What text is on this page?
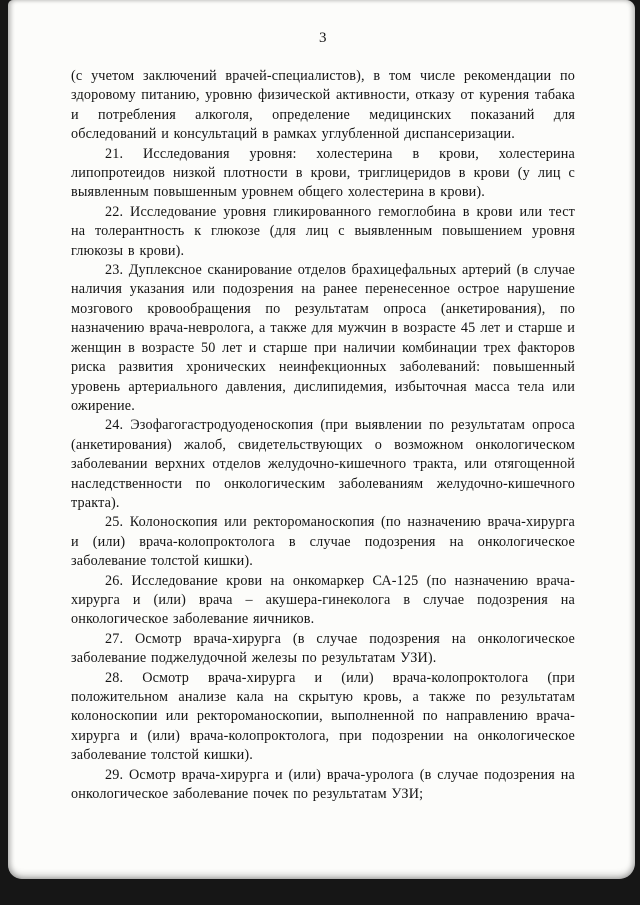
3

(с учетом заключений врачей-специалистов), в том числе рекомендации по здоровому питанию, уровню физической активности, отказу от курения табака и потребления алкоголя, определение медицинских показаний для обследований и консультаций в рамках углубленной диспансеризации.

21. Исследования уровня: холестерина в крови, холестерина липопротеидов низкой плотности в крови, триглицеридов в крови (у лиц с выявленным повышенным уровнем общего холестерина в крови).

22. Исследование уровня гликированного гемоглобина в крови или тест на толерантность к глюкозе (для лиц с выявленным повышением уровня глюкозы в крови).

23. Дуплексное сканирование отделов брахицефальных артерий (в случае наличия указания или подозрения на ранее перенесенное острое нарушение мозгового кровообращения по результатам опроса (анкетирования), по назначению врача-невролога, а также для мужчин в возрасте 45 лет и старше и женщин в возрасте 50 лет и старше при наличии комбинации трех факторов риска развития хронических неинфекционных заболеваний: повышенный уровень артериального давления, дислипидемия, избыточная масса тела или ожирение.

24. Эзофагогастродуоденоскопия (при выявлении по результатам опроса (анкетирования) жалоб, свидетельствующих о возможном онкологическом заболевании верхних отделов желудочно-кишечного тракта, или отягощенной наследственности по онкологическим заболеваниям желудочно-кишечного тракта).

25. Колоноскопия или ректороманоскопия (по назначению врача-хирурга и (или) врача-колопроктолога в случае подозрения на онкологическое заболевание толстой кишки).

26. Исследование крови на онкомаркер СА-125 (по назначению врача-хирурга и (или) врача – акушера-гинеколога в случае подозрения на онкологическое заболевание яичников.

27. Осмотр врача-хирурга (в случае подозрения на онкологическое заболевание поджелудочной железы по результатам УЗИ).

28. Осмотр врача-хирурга и (или) врача-колопроктолога (при положительном анализе кала на скрытую кровь, а также по результатам колоноскопии или ректороманоскопии, выполненной по направлению врача-хирурга и (или) врача-колопроктолога, при подозрении на онкологическое заболевание толстой кишки).

29. Осмотр врача-хирурга и (или) врача-уролога (в случае подозрения на онкологическое заболевание почек по результатам УЗИ;
